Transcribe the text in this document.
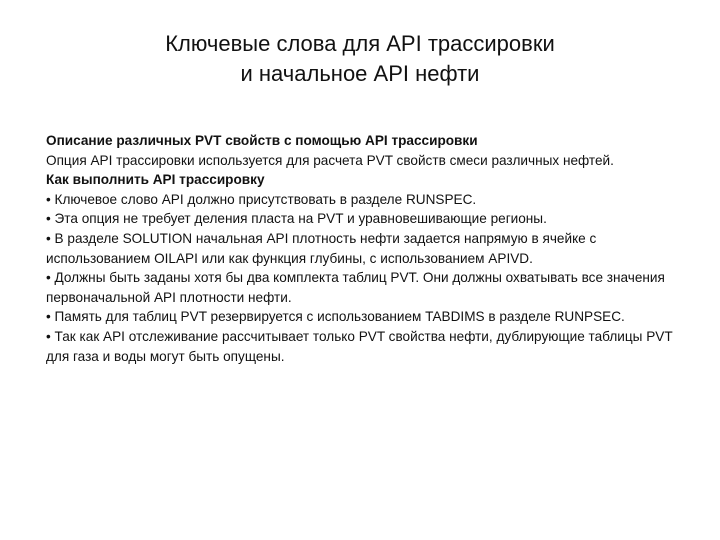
Ключевые слова для API трассировки
и начальное API нефти

Описание различных PVT свойств с помощью API трассировки

Опция API трассировки используется для расчета PVT свойств смеси различных нефтей.

Как выполнить API трассировку

• Ключевое слово API должно присутствовать в разделе RUNSPEC.

• Эта опция не требует деления пласта на PVT и уравновешивающие регионы.

• В разделе SOLUTION начальная API плотность нефти задается напрямую в ячейке с использованием OILAPI или как функция глубины, с использованием APIVD.

• Должны быть заданы хотя бы два комплекта таблиц PVT. Они должны охватывать все значения первоначальной API плотности нефти.

• Память для таблиц PVT резервируется с использованием TABDIMS в разделе RUNPSEC.

• Так как API отслеживание рассчитывает только PVT свойства нефти, дублирующие таблицы PVT для газа и воды могут быть опущены.
